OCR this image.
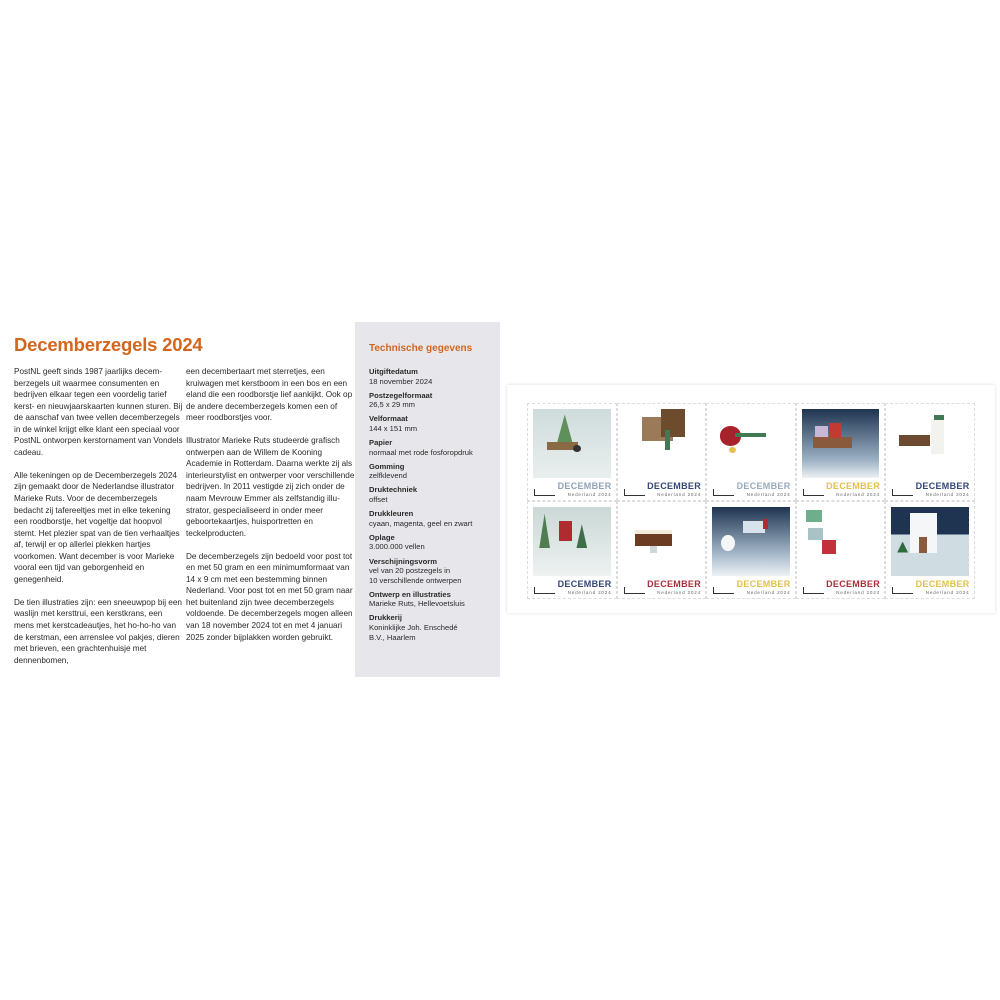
Decemberzegels 2024

PostNL geeft sinds 1987 jaarlijks decemberzegels uit waarmee consumenten en bedrijven elkaar tegen een voordelig tarief kerst- en nieuwjaarskaarten kunnen sturen. Bij de aanschaf van twee vellen decemberzegels in de winkel krijgt elke klant een speciaal voor PostNL ontworpen kerstornament van Vondels cadeau.

Alle tekeningen op de Decemberzegels 2024 zijn gemaakt door de Nederlandse illustrator Marieke Ruts. Voor de decemberzegels bedacht zij tafereeltjes met in elke tekening een roodborstje, het vogeltje dat hoopvol stemt. Het plezier spat van de tien verhaaltjes af, terwijl er op allerlei plekken hartjes voorkomen. Want december is voor Marieke vooral een tijd van geborgenheid en genegenheid.

De tien illustraties zijn: een sneeuwpop bij een waslijn met kersttrui, een kerstkrans, een mens met kerstcadeautjes, het ho-ho-ho van de kerstman, een arrenslee vol pakjes, dieren met brieven, een grachtenhuisje met dennenbomen,

een decembertaart met sterretjes, een kruiwagen met kerstboom in een bos en een eland die een roodborstje lief aankijkt. Ook op de andere decemberzegels komen een of meer roodborstjes voor.

Illustrator Marieke Ruts studeerde grafisch ontwerpen aan de Willem de Kooning Academie in Rotterdam. Daarna werkte zij als interieurstylist en ontwerper voor verschillende bedrijven. In 2011 vestigde zij zich onder de naam Mevrouw Emmer als zelfstandig illustrator, gespecialiseerd in onder meer geboortekaartjes, huisportretten en teckelproducten.

De decemberzegels zijn bedoeld voor post tot en met 50 gram en een minimumformaat van 14 x 9 cm met een bestemming binnen Nederland. Voor post tot en met 50 gram naar het buitenland zijn twee decemberzegels voldoende. De decemberzegels mogen alleen van 18 november 2024 tot en met 4 januari 2025 zonder bijplakken worden gebruikt.

Technische gegevens
Uitgiftedatum
18 november 2024
Postzegelformaat
26,5 x 29 mm
Velformaat
144 x 151 mm
Papier
normaal met rode fosforopdruk
Gomming
zelfklevend
Druktechniek
offset
Drukkleuren
cyaan, magenta, geel en zwart
Oplage
3.000.000 vellen
Verschijningsvorm
vel van 20 postzegels in
10 verschillende ontwerpen
Ontwerp en illustraties
Marieke Ruts, Hellevoetsluis
Drukkerij
Koninklijke Joh. Enschedé
B.V., Haarlem
DECEMBER
Nederland 2024
DECEMBER
Nederland 2024
DECEMBER
Nederland 2024
DECEMBER
Nederland 2024
DECEMBER
Nederland 2024
DECEMBER
Nederland 2024
DECEMBER
Nederland 2024
DECEMBER
Nederland 2024
DECEMBER
Nederland 2024
DECEMBER
Nederland 2024
